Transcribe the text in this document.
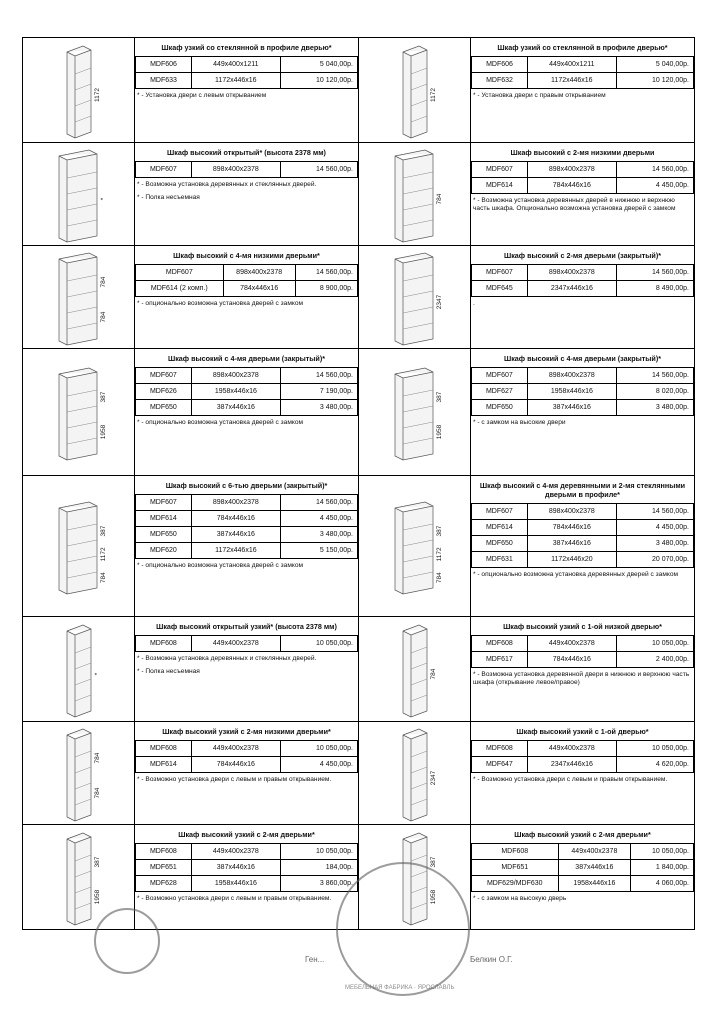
1172
Шкаф узкий со стеклянной в профиле дверью*
MDF606	449x400x1211	5 040,00р.
MDF633	1172x446x16	10 120,00р.
* - Установка двери с левым открыванием	1172
Шкаф узкий со стеклянной в профиле дверью*
MDF606	449x400x1211	5 040,00р.
MDF632	1172x446x16	10 120,00р.
* - Установка двери с правым открыванием
*
Шкаф высокий открытый* (высота 2378 мм)
MDF607	898x400x2378	14 560,00р.
* - Возможна установка деревянных и стеклянных дверей.
* - Полка несъемная	784
Шкаф высокий с 2-мя низкими дверьми
MDF607	898x400x2378	14 560,00р.
MDF614	784x446x16	4 450,00р.
* - Возможна установка деревянных дверей в нижнюю и верхнюю часть шкафа. Опционально возможна установка дверей с замком
784
784
Шкаф высокий с 4-мя низкими дверьми*
MDF607	898x400x2378	14 560,00р.
MDF614 (2 комп.)	784x446x16	8 900,00р.
* - опционально возможна установка дверей с замком	2347
Шкаф высокий с 2-мя дверьми (закрытый)*
MDF607	898x400x2378	14 560,00р.
MDF645	2347x446x16	8 490,00р.
.
387
1958
Шкаф высокий с 4-мя дверьми (закрытый)*
MDF607	898x400x2378	14 560,00р.
MDF626	1958x446x16	7 190,00р.
MDF650	387x446x16	3 480,00р.
* - опционально возможна установка дверей с замком
387
1958
Шкаф высокий с 4-мя дверьми (закрытый)*
MDF607	898x400x2378	14 560,00р.
MDF627	1958x446x16	8 020,00р.
MDF650	387x446x16	3 480,00р.
* - с замком на высокие двери
387
1172
784
Шкаф высокий с 6-тью дверьми (закрытый)*
MDF607	898x400x2378	14 560,00р.
MDF614	784x446x16	4 450,00р.
MDF650	387x446x16	3 480,00р.
MDF620	1172x446x16	5 150,00р.
* - опционально возможна установка дверей с замком
387
1172
784
Шкаф высокий с 4-мя деревянными и 2-мя стеклянными дверьми в профиле*
MDF607	898x400x2378	14 560,00р.
MDF614	784x446x16	4 450,00р.
MDF650	387x446x16	3 480,00р.
MDF631	1172x446x20	20 070,00р.
* - опционально возможна установка деревянных дверей с замком
*
Шкаф высокий открытый узкий* (высота 2378 мм)
MDF608	449x400x2378	10 050,00р.
* - Возможна установка деревянных и стеклянных дверей.
* - Полка несъемная	784
Шкаф высокий узкий с 1-ой низкой дверью*
MDF608	449x400x2378	10 050,00р.
MDF617	784x446x16	2 400,00р.
* - Возможна установка деревянной двери в нижнюю и верхнюю часть шкафа (открывание левое/правое)
784
784
Шкаф высокий узкий с 2-мя низкими дверьми*
MDF608	449x400x2378	10 050,00р.
MDF614	784x446x16	4 450,00р.
* - Возможно установка двери с левым и правым открыванием.	2347
Шкаф высокий узкий с 1-ой дверью*
MDF608	449x400x2378	10 050,00р.
MDF647	2347x446x16	4 620,00р.
* - Возможно установка двери с левым и правым открыванием.
387
1958
Шкаф высокий узкий с 2-мя дверьми*
MDF608	449x400x2378	10 050,00р.
MDF651	387x446x16	184,00р.
MDF628	1958x446x16	3 860,00р.
* - Возможно установка двери с левым и правым открыванием.
387
1958
Шкаф высокий узкий с 2-мя дверьми*
MDF608	449x400x2378	10 050,00р.
MDF651	387x446x16	1 840,00р.
MDF629/MDF630	1958x446x16	4 060,00р.
* - с замком на высокую дверь
Ген...	Белкин О.Г.
МЕБЕЛЬНАЯ ФАБРИКА · ЯРОСЛАВЛЬ
